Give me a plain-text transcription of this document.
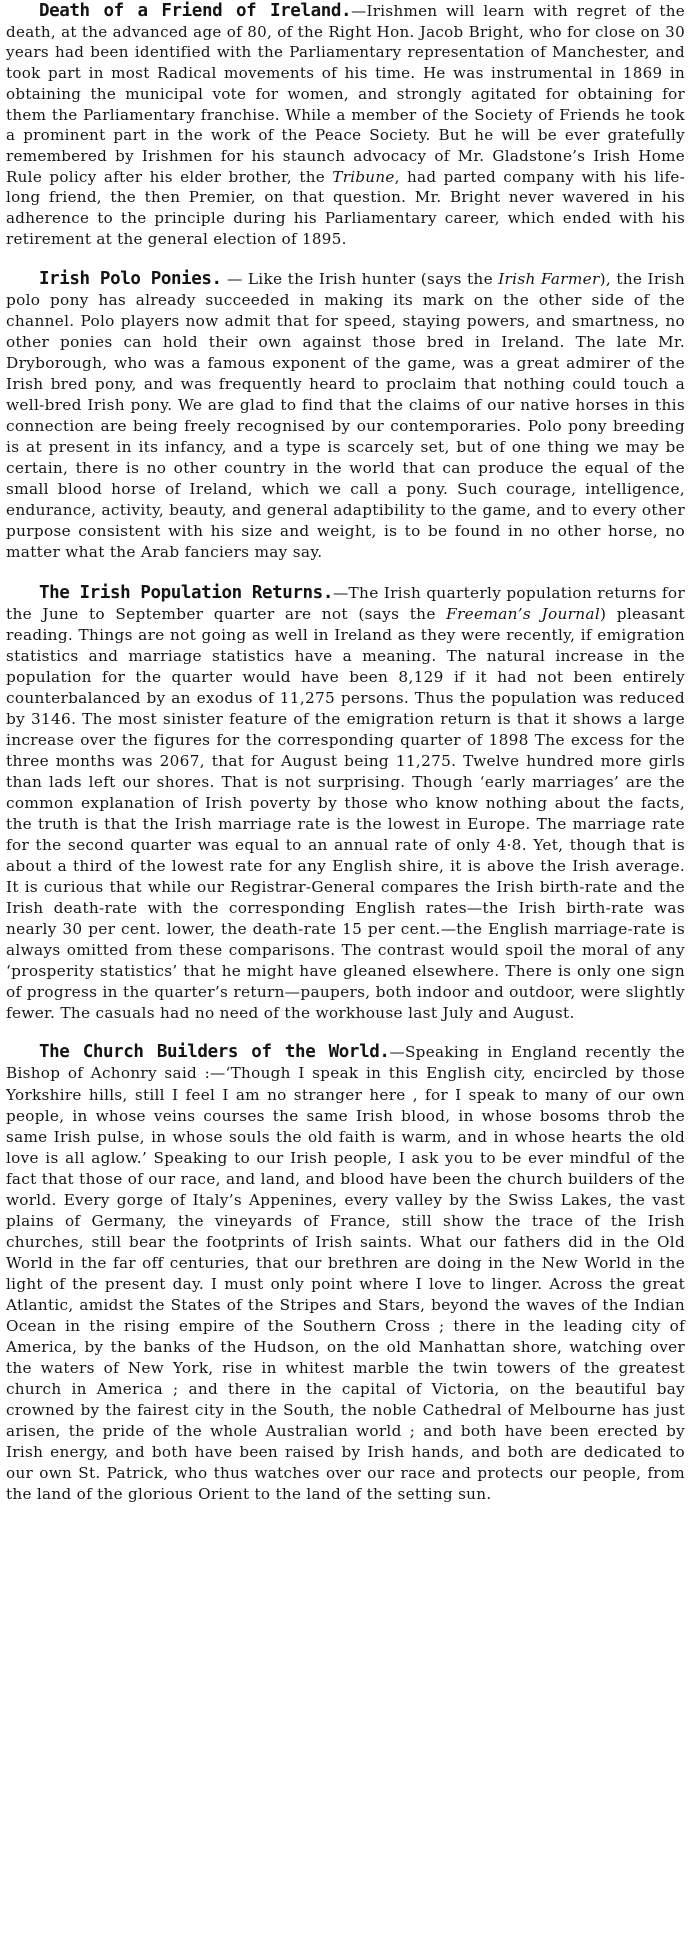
Death of a Friend of Ireland.—Irishmen will learn with regret of the death, at the advanced age of 80, of the Right Hon. Jacob Bright, who for close on 30 years had been identified with the Parliamentary representation of Manchester, and took part in most Radical movements of his time. He was instrumental in 1869 in obtaining the municipal vote for women, and strongly agitated for obtaining for them the Parliamentary franchise. While a member of the Society of Friends he took a prominent part in the work of the Peace Society. But he will be ever gratefully remembered by Irishmen for his staunch advocacy of Mr. Gladstone’s Irish Home Rule policy after his elder brother, the Tribune, had parted company with his life-long friend, the then Premier, on that question. Mr. Bright never wavered in his adherence to the principle during his Parliamentary career, which ended with his retirement at the general election of 1895.

Irish Polo Ponies. — Like the Irish hunter (says the Irish Farmer), the Irish polo pony has already succeeded in making its mark on the other side of the channel. Polo players now admit that for speed, staying powers, and smartness, no other ponies can hold their own against those bred in Ireland. The late Mr. Dryborough, who was a famous exponent of the game, was a great admirer of the Irish bred pony, and was frequently heard to proclaim that nothing could touch a well-bred Irish pony. We are glad to find that the claims of our native horses in this connection are being freely recognised by our contemporaries. Polo pony breeding is at present in its infancy, and a type is scarcely set, but of one thing we may be certain, there is no other country in the world that can produce the equal of the small blood horse of Ireland, which we call a pony. Such courage, intelligence, endurance, activity, beauty, and general adaptibility to the game, and to every other purpose consistent with his size and weight, is to be found in no other horse, no matter what the Arab fanciers may say.

The Irish Population Returns.—The Irish quarterly population returns for the June to September quarter are not (says the Freeman’s Journal) pleasant reading. Things are not going as well in Ireland as they were recently, if emigration statistics and marriage statistics have a meaning. The natural increase in the population for the quarter would have been 8,129 if it had not been entirely counterbalanced by an exodus of 11,275 persons. Thus the population was reduced by 3146. The most sinister feature of the emigration return is that it shows a large increase over the figures for the corresponding quarter of 1898 The excess for the three months was 2067, that for August being 11,275. Twelve hundred more girls than lads left our shores. That is not surprising. Though ‘early marriages’ are the common explanation of Irish poverty by those who know nothing about the facts, the truth is that the Irish marriage rate is the lowest in Europe. The marriage rate for the second quarter was equal to an annual rate of only 4·8. Yet, though that is about a third of the lowest rate for any English shire, it is above the Irish average. It is curious that while our Registrar-General compares the Irish birth-rate and the Irish death-rate with the corresponding English rates—the Irish birth-rate was nearly 30 per cent. lower, the death-rate 15 per cent.—the English marriage-rate is always omitted from these comparisons. The contrast would spoil the moral of any ‘prosperity statistics’ that he might have gleaned elsewhere. There is only one sign of progress in the quarter’s return—paupers, both indoor and outdoor, were slightly fewer. The casuals had no need of the workhouse last July and August.

The Church Builders of the World.—Speaking in England recently the Bishop of Achonry said :—‘Though I speak in this English city, encircled by those Yorkshire hills, still I feel I am no stranger here , for I speak to many of our own people, in whose veins courses the same Irish blood, in whose bosoms throb the same Irish pulse, in whose souls the old faith is warm, and in whose hearts the old love is all aglow.’ Speaking to our Irish people, I ask you to be ever mindful of the fact that those of our race, and land, and blood have been the church builders of the world. Every gorge of Italy’s Appenines, every valley by the Swiss Lakes, the vast plains of Germany, the vineyards of France, still show the trace of the Irish churches, still bear the footprints of Irish saints. What our fathers did in the Old World in the far off centuries, that our brethren are doing in the New World in the light of the present day. I must only point where I love to linger. Across the great Atlantic, amidst the States of the Stripes and Stars, beyond the waves of the Indian Ocean in the rising empire of the Southern Cross ; there in the leading city of America, by the banks of the Hudson, on the old Manhattan shore, watching over the waters of New York, rise in whitest marble the twin towers of the greatest church in America ; and there in the capital of Victoria, on the beautiful bay crowned by the fairest city in the South, the noble Cathedral of Melbourne has just arisen, the pride of the whole Australian world ; and both have been erected by Irish energy, and both have been raised by Irish hands, and both are dedicated to our own St. Patrick, who thus watches over our race and protects our people, from the land of the glorious Orient to the land of the setting sun.
